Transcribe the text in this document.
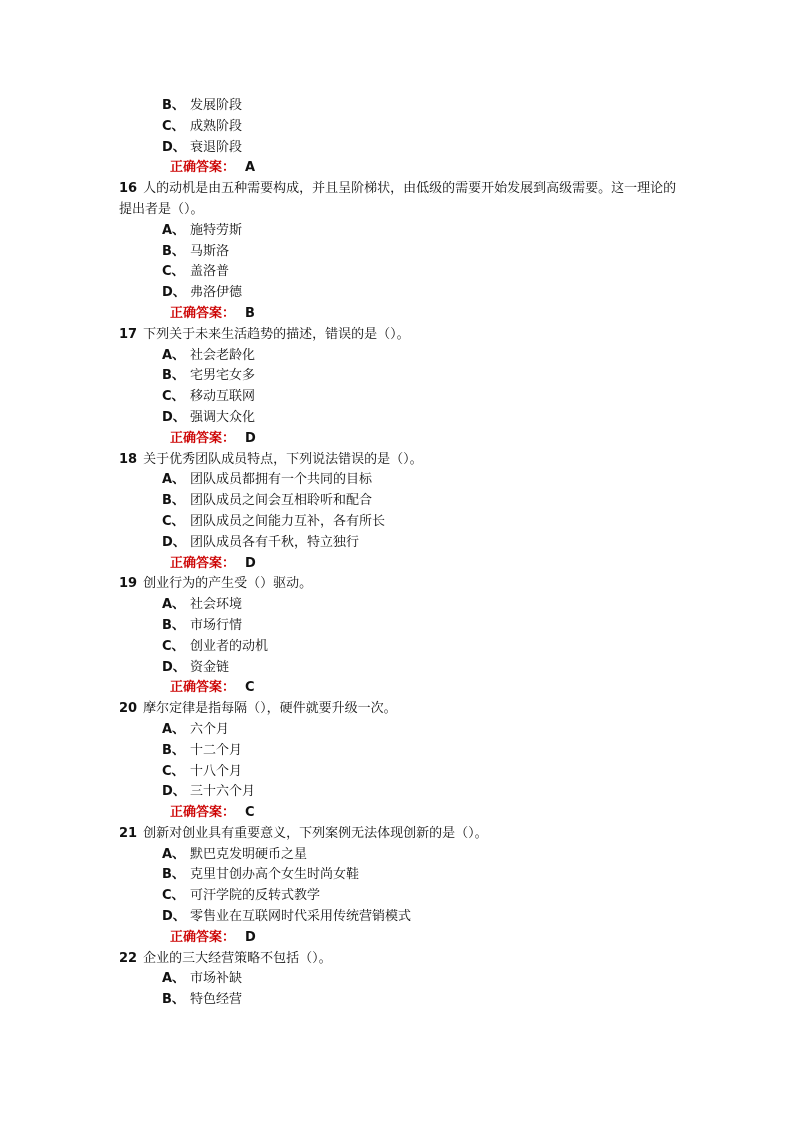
B、 发展阶段
C、 成熟阶段
D、 衰退阶段
正确答案： A
16 人的动机是由五种需要构成，并且呈阶梯状，由低级的需要开始发展到高级需要。这一理论的提出者是（）。
A、 施特劳斯
B、 马斯洛
C、 盖洛普
D、 弗洛伊德
正确答案： B
17 下列关于未来生活趋势的描述，错误的是（）。
A、 社会老龄化
B、 宅男宅女多
C、 移动互联网
D、 强调大众化
正确答案： D
18 关于优秀团队成员特点，下列说法错误的是（）。
A、 团队成员都拥有一个共同的目标
B、 团队成员之间会互相聆听和配合
C、 团队成员之间能力互补，各有所长
D、 团队成员各有千秋，特立独行
正确答案： D
19 创业行为的产生受（）驱动。
A、 社会环境
B、 市场行情
C、 创业者的动机
D、 资金链
正确答案： C
20 摩尔定律是指每隔（），硬件就要升级一次。
A、 六个月
B、 十二个月
C、 十八个月
D、 三十六个月
正确答案： C
21 创新对创业具有重要意义，下列案例无法体现创新的是（）。
A、 默巴克发明硬币之星
B、 克里甘创办高个女生时尚女鞋
C、 可汗学院的反转式教学
D、 零售业在互联网时代采用传统营销模式
正确答案： D
22 企业的三大经营策略不包括（）。
A、 市场补缺
B、 特色经营
